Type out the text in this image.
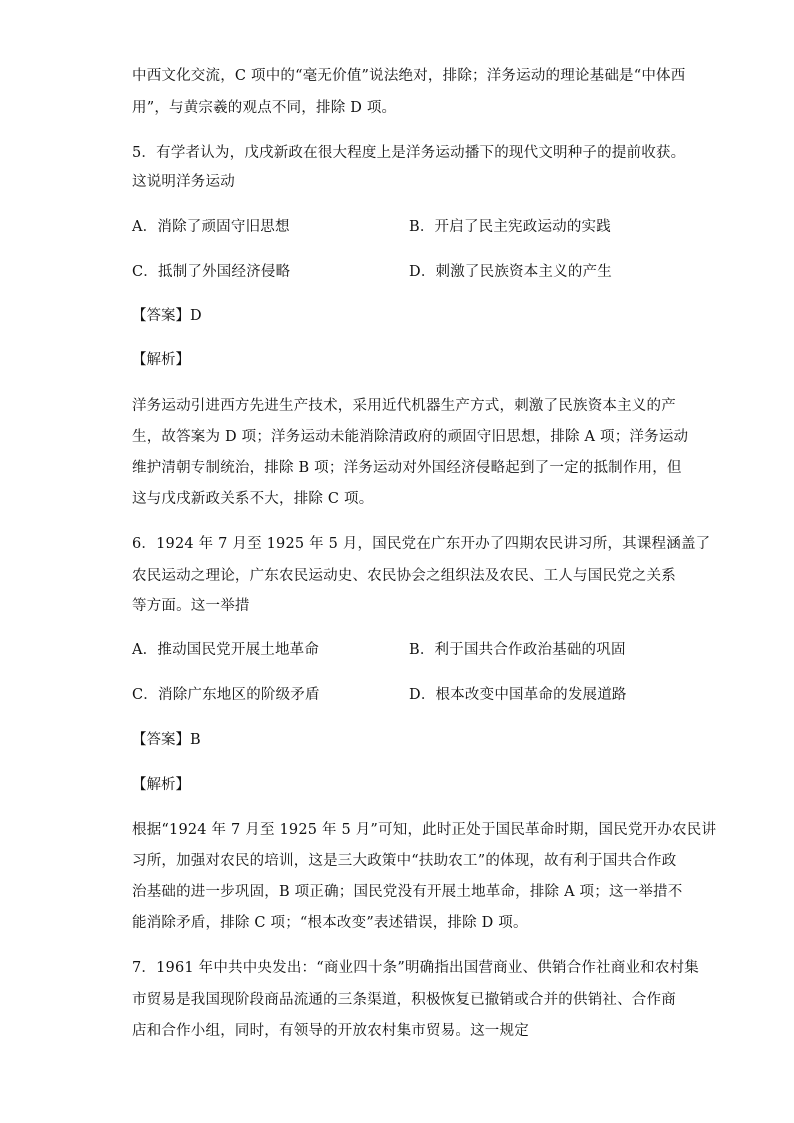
中西文化交流，C 项中的“毫无价值”说法绝对，排除；洋务运动的理论基础是“中体西
用”，与黄宗羲的观点不同，排除 D 项。
5．有学者认为，戊戌新政在很大程度上是洋务运动播下的现代文明种子的提前收获。
这说明洋务运动
A．消除了顽固守旧思想	B．开启了民主宪政运动的实践
C．抵制了外国经济侵略	D．刺激了民族资本主义的产生
【答案】D
【解析】
洋务运动引进西方先进生产技术，采用近代机器生产方式，刺激了民族资本主义的产
生，故答案为 D 项；洋务运动未能消除清政府的顽固守旧思想，排除 A 项；洋务运动
维护清朝专制统治，排除 B 项；洋务运动对外国经济侵略起到了一定的抵制作用，但
这与戊戌新政关系不大，排除 C 项。
6．1924 年 7 月至 1925 年 5 月，国民党在广东开办了四期农民讲习所，其课程涵盖了
农民运动之理论，广东农民运动史、农民协会之组织法及农民、工人与国民党之关系
等方面。这一举措
A．推动国民党开展土地革命	B．利于国共合作政治基础的巩固
C．消除广东地区的阶级矛盾	D．根本改变中国革命的发展道路
【答案】B
【解析】
根据“1924 年 7 月至 1925 年 5 月”可知，此时正处于国民革命时期，国民党开办农民讲
习所，加强对农民的培训，这是三大政策中“扶助农工”的体现，故有利于国共合作政
治基础的进一步巩固，B 项正确；国民党没有开展土地革命，排除 A 项；这一举措不
能消除矛盾，排除 C 项；“根本改变”表述错误，排除 D 项。
7．1961 年中共中央发出：“商业四十条”明确指出国营商业、供销合作社商业和农村集
市贸易是我国现阶段商品流通的三条渠道，积极恢复已撤销或合并的供销社、合作商
店和合作小组，同时，有领导的开放农村集市贸易。这一规定
